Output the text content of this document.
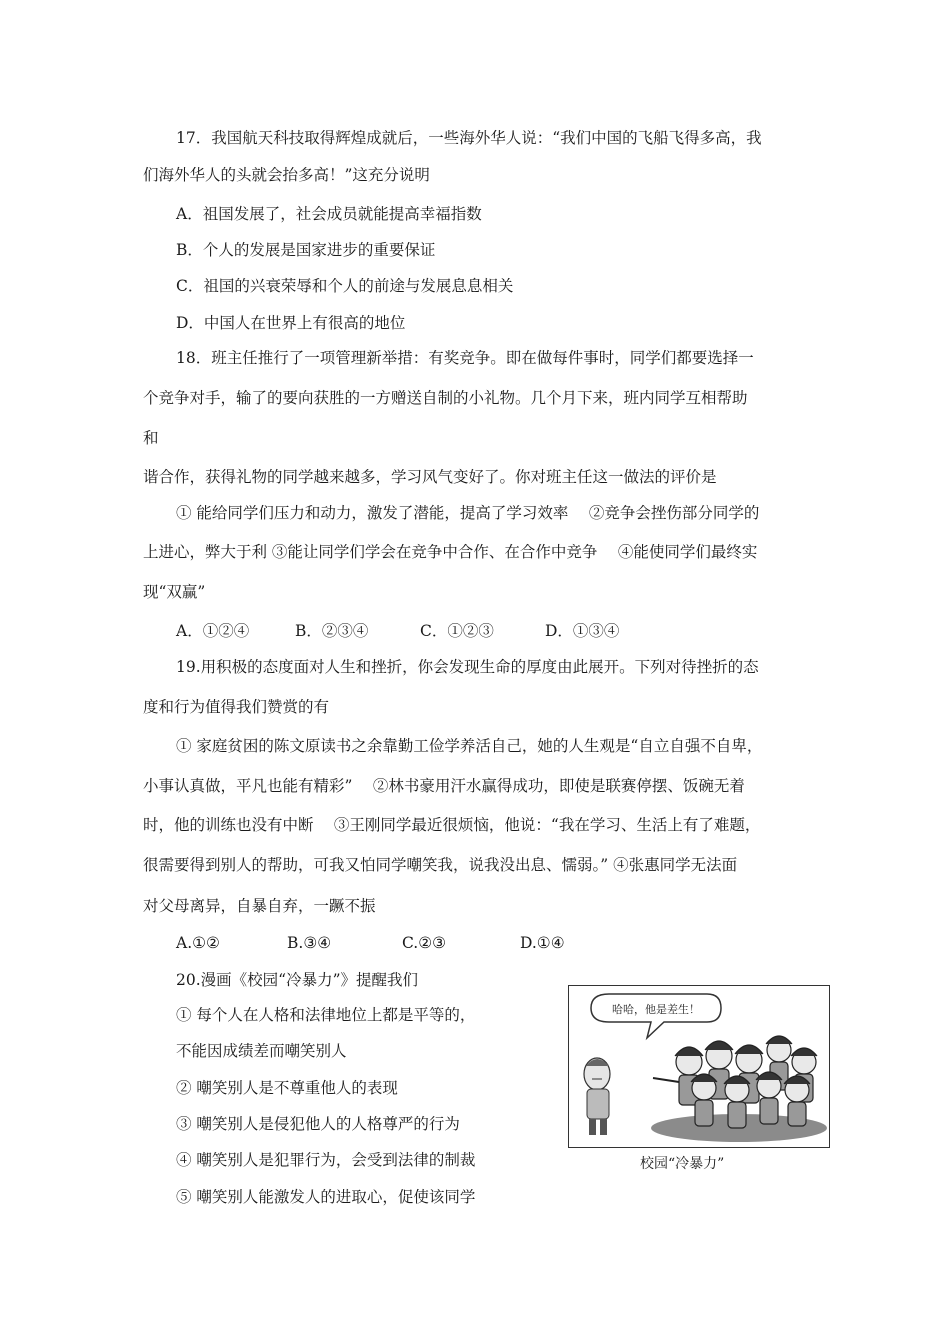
17．我国航天科技取得辉煌成就后，一些海外华人说：“我们中国的飞船飞得多高，我
们海外华人的头就会抬多高！”这充分说明
A．祖国发展了，社会成员就能提高幸福指数
B．个人的发展是国家进步的重要保证
C．祖国的兴衰荣辱和个人的前途与发展息息相关
D．中国人在世界上有很高的地位
18．班主任推行了一项管理新举措：有奖竞争。即在做每件事时，同学们都要选择一
个竞争对手，输了的要向获胜的一方赠送自制的小礼物。几个月下来，班内同学互相帮助
和
谐合作，获得礼物的同学越来越多，学习风气变好了。你对班主任这一做法的评价是
① 能给同学们压力和动力，激发了潜能，提高了学习效率 　②竞争会挫伤部分同学的
上进心，弊大于利 ③能让同学们学会在竞争中合作、在合作中竞争 　④能使同学们最终实
现“双赢”
A．①②④	B．②③④	C．①②③	D．①③④
19.用积极的态度面对人生和挫折，你会发现生命的厚度由此展开。下列对待挫折的态
度和行为值得我们赞赏的有
① 家庭贫困的陈文原读书之余靠勤工俭学养活自己，她的人生观是“自立自强不自卑，
小事认真做，平凡也能有精彩” 　②林书豪用汗水赢得成功，即使是联赛停摆、饭碗无着
时，他的训练也没有中断 　③王刚同学最近很烦恼，他说：“我在学习、生活上有了难题，
很需要得到别人的帮助，可我又怕同学嘲笑我，说我没出息、懦弱。” ④张惠同学无法面
对父母离异，自暴自弃，一蹶不振
A.①②	B.③④	C.②③	D.①④
20.漫画《校园“冷暴力”》提醒我们
① 每个人在人格和法律地位上都是平等的，
不能因成绩差而嘲笑别人
② 嘲笑别人是不尊重他人的表现
③ 嘲笑别人是侵犯他人的人格尊严的行为
④ 嘲笑别人是犯罪行为，会受到法律的制裁
⑤ 嘲笑别人能激发人的进取心，促使该同学
哈哈，他是差生！
校园“冷暴力”
